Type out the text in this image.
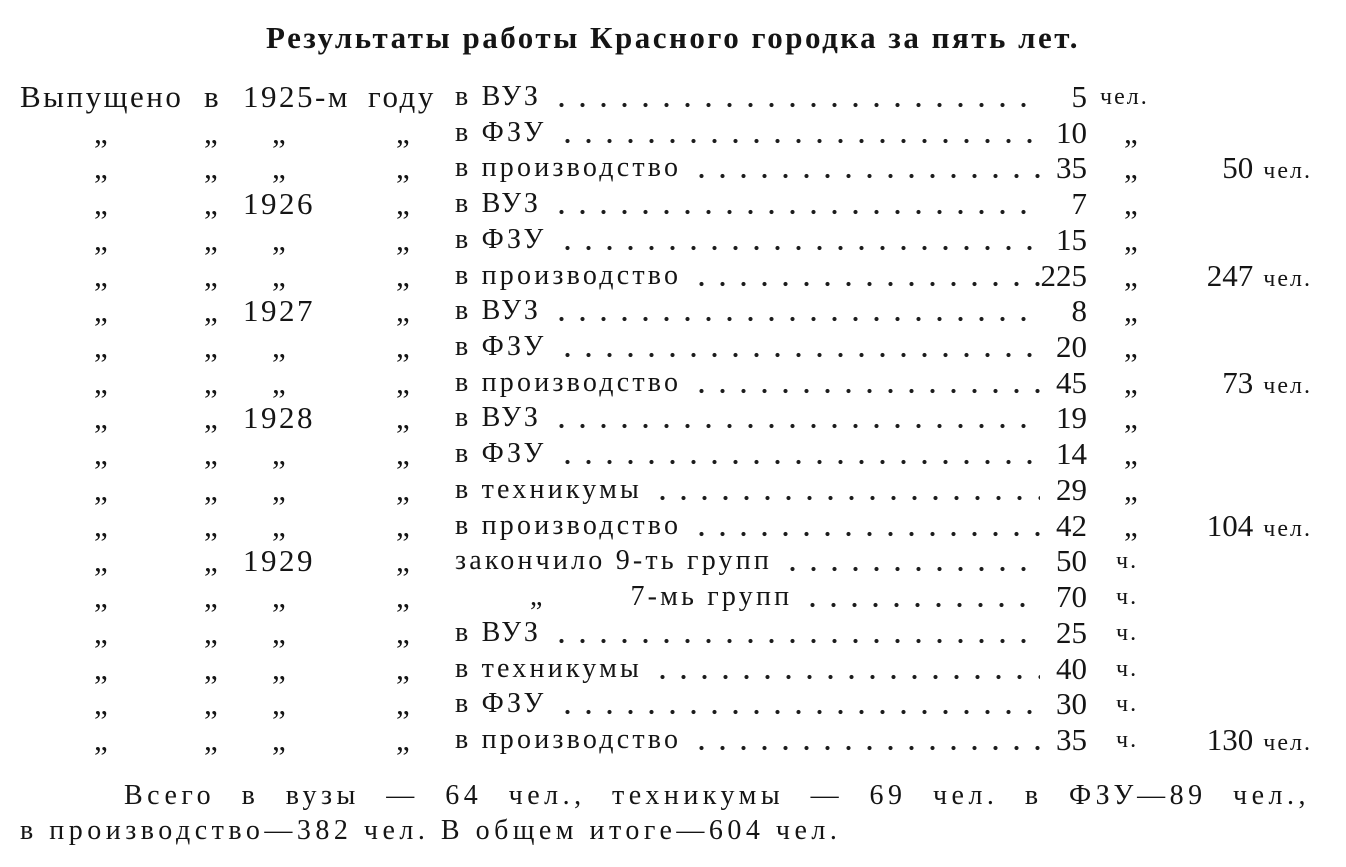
Результаты работы Красного городка за пять лет.
Выпущено в 1925-м году в ВУЗ	5 чел.
„	„ „	„ в ФЗУ	10 „
„	„ „	„ в производство	35 „	50 чел.
„	„ 1926	„ в ВУЗ	7 „
„	„ „	„ в ФЗУ	15 „
„	„ „	„ в производство	225 „	247 чел.
„	„ 1927	„ в ВУЗ	8 „
„	„ „	„ в ФЗУ	20 „
„	„ „	„ в производство	45 „	73 чел.
„	„ 1928	„ в ВУЗ	19 „
„	„ „	„ в ФЗУ	14 „
„	„ „	„ в техникумы	29 „
„	„ „	„ в производство	42 „	104 чел.
„	„ 1929	„ закончило 9-ть групп	50 ч.
„	„ „	„	„	7-мь групп	70 ч.
„	„ „	„ в ВУЗ	25 ч.
„	„ „	„ в техникумы	40 ч.
„	„ „	„ в ФЗУ	30 ч.
„	„ „	„ в производство	35 ч.	130 чел.
Всего в вузы — 64 чел., техникумы — 69 чел. в ФЗУ—89 чел.,
в производство—382 чел. В общем итоге—604 чел.
